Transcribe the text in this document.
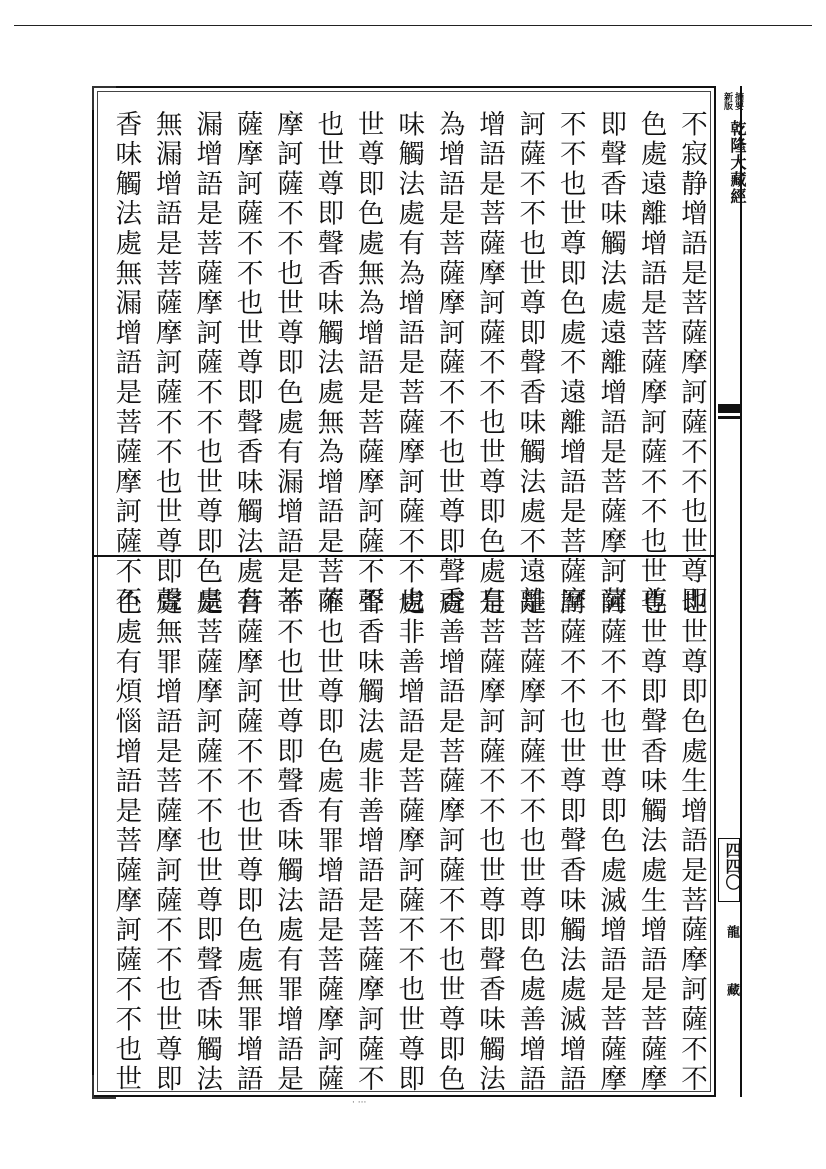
不寂静增語是菩薩摩訶薩不不也世尊即
色處遠離增語是菩薩摩訶薩不不也世尊
即聲香味觸法處遠離增語是菩薩摩訶薩
不不也世尊即色處不遠離增語是菩薩摩
訶薩不不也世尊即聲香味觸法處不遠離
增語是菩薩摩訶薩不不也世尊即色處有
為增語是菩薩摩訶薩不不也世尊即聲香
味觸法處有為增語是菩薩摩訶薩不不也
世尊即色處無為增語是菩薩摩訶薩不不
也世尊即聲香味觸法處無為增語是菩薩
摩訶薩不不也世尊即色處有漏增語是菩
薩摩訶薩不不也世尊即聲香味觸法處有
漏增語是菩薩摩訶薩不不也世尊即色處
無漏增語是菩薩摩訶薩不不也世尊即聲
香味觸法處無漏增語是菩薩摩訶薩不不
也世尊即色處生增語是菩薩摩訶薩不不
也世尊即聲香味觸法處生增語是菩薩摩
訶薩不不也世尊即色處滅增語是菩薩摩
訶薩不不也世尊即聲香味觸法處滅增語
是菩薩摩訶薩不不也世尊即色處善增語
是菩薩摩訶薩不不也世尊即聲香味觸法
處善增語是菩薩摩訶薩不不也世尊即色
處非善增語是菩薩摩訶薩不不也世尊即
聲香味觸法處非善增語是菩薩摩訶薩不
不也世尊即色處有罪增語是菩薩摩訶薩
不不也世尊即聲香味觸法處有罪增語是
菩薩摩訶薩不不也世尊即色處無罪增語
是菩薩摩訶薩不不也世尊即聲香味觸法
處無罪增語是菩薩摩訶薩不不也世尊即
色處有煩惱增語是菩薩摩訶薩不不也世
摘要
新版
乾隆大藏經
四四〇
龍藏
· ···
